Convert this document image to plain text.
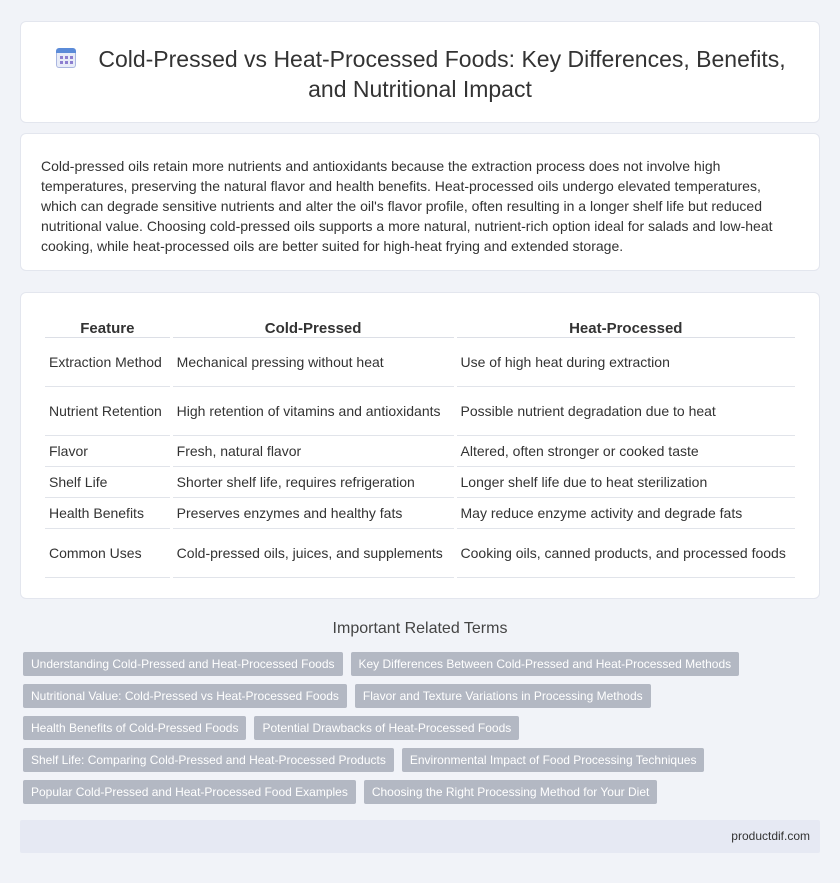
Cold-Pressed vs Heat-Processed Foods: Key Differences, Benefits, and Nutritional Impact

Cold-pressed oils retain more nutrients and antioxidants because the extraction process does not involve high temperatures, preserving the natural flavor and health benefits. Heat-processed oils undergo elevated temperatures, which can degrade sensitive nutrients and alter the oil's flavor profile, often resulting in a longer shelf life but reduced nutritional value. Choosing cold-pressed oils supports a more natural, nutrient-rich option ideal for salads and low-heat cooking, while heat-processed oils are better suited for high-heat frying and extended storage.

Feature	Cold-Pressed	Heat-Processed
Extraction Method	Mechanical pressing without heat	Use of high heat during extraction
Nutrient Retention	High retention of vitamins and antioxidants	Possible nutrient degradation due to heat
Flavor	Fresh, natural flavor	Altered, often stronger or cooked taste
Shelf Life	Shorter shelf life, requires refrigeration	Longer shelf life due to heat sterilization
Health Benefits	Preserves enzymes and healthy fats	May reduce enzyme activity and degrade fats
Common Uses	Cold-pressed oils, juices, and supplements	Cooking oils, canned products, and processed foods
Important Related Terms
Understanding Cold-Pressed and Heat-Processed Foods	Key Differences Between Cold-Pressed and Heat-Processed Methods
Nutritional Value: Cold-Pressed vs Heat-Processed Foods	Flavor and Texture Variations in Processing Methods
Health Benefits of Cold-Pressed Foods	Potential Drawbacks of Heat-Processed Foods
Shelf Life: Comparing Cold-Pressed and Heat-Processed Products	Environmental Impact of Food Processing Techniques
Popular Cold-Pressed and Heat-Processed Food Examples	Choosing the Right Processing Method for Your Diet
productdif.com
